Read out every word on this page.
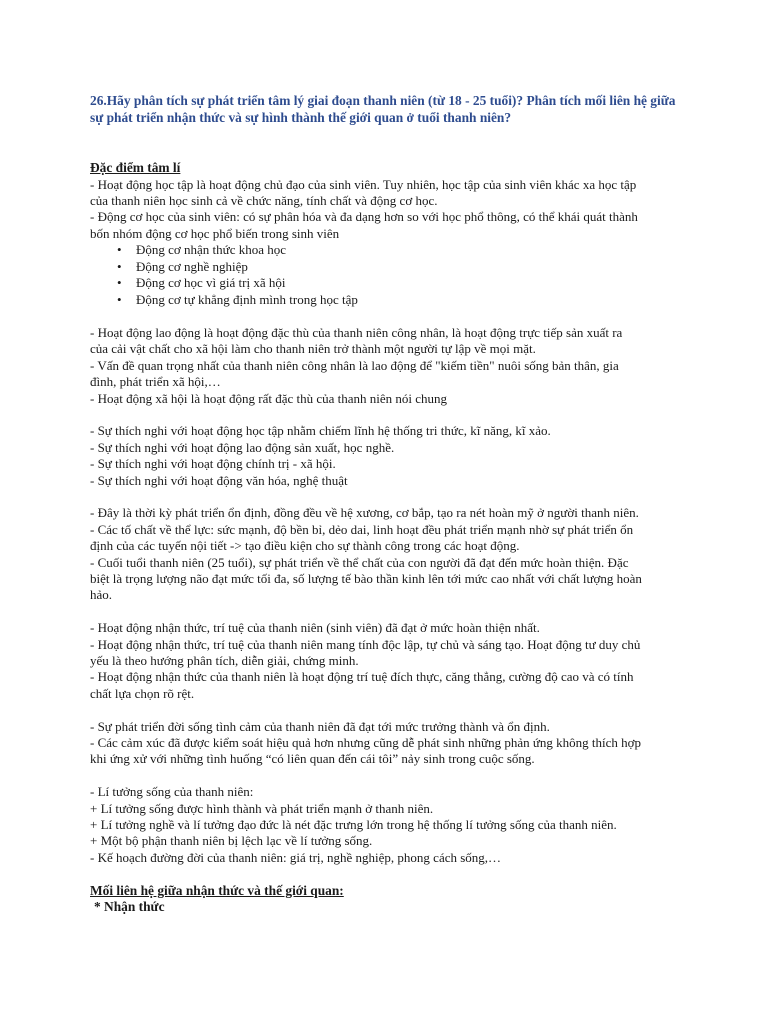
26.Hãy phân tích sự phát triển tâm lý giai đoạn thanh niên (từ 18 - 25 tuổi)? Phân tích mối liên hệ giữa sự phát triển nhận thức và sự hình thành thế giới quan ở tuổi thanh niên?

Đặc điểm tâm lí

- Hoạt động học tập là hoạt động chủ đạo của sinh viên. Tuy nhiên, học tập của sinh viên khác xa học tập

của thanh niên học sinh cả về chức năng, tính chất và động cơ học.

- Động cơ học của sinh viên: có sự phân hóa và đa dạng hơn so với học phổ thông, có thể khái quát thành

bốn nhóm động cơ học phổ biến trong sinh viên

• Động cơ nhận thức khoa học
• Động cơ nghề nghiệp
• Động cơ học vì giá trị xã hội
• Động cơ tự khẳng định mình trong học tập

- Hoạt động lao động là hoạt động đặc thù của thanh niên công nhân, là hoạt động trực tiếp sản xuất ra

của cải vật chất cho xã hội làm cho thanh niên trở thành một người tự lập về mọi mặt.

- Vấn đề quan trọng nhất của thanh niên công nhân là lao động để "kiếm tiền" nuôi sống bản thân, gia

đình, phát triển xã hội,…

- Hoạt động xã hội là hoạt động rất đặc thù của thanh niên nói chung

- Sự thích nghi với hoạt động học tập nhằm chiếm lĩnh hệ thống tri thức, kĩ năng, kĩ xảo.

- Sự thích nghi với hoạt động lao động sản xuất, học nghề.

- Sự thích nghi với hoạt động chính trị - xã hội.

- Sự thích nghi với hoạt động văn hóa, nghệ thuật

- Đây là thời kỳ phát triển ổn định, đồng đều về hệ xương, cơ bắp, tạo ra nét hoàn mỹ ở người thanh niên.

- Các tố chất về thể lực: sức mạnh, độ bền bỉ, dẻo dai, linh hoạt đều phát triển mạnh nhờ sự phát triển ổn

định của các tuyến nội tiết -> tạo điều kiện cho sự thành công trong các hoạt động.

- Cuối tuổi thanh niên (25 tuổi), sự phát triển về thể chất của con người đã đạt đến mức hoàn thiện. Đặc

biệt là trọng lượng não đạt mức tối đa, số lượng tế bào thần kinh lên tới mức cao nhất với chất lượng hoàn

hảo.

- Hoạt động nhận thức, trí tuệ của thanh niên (sinh viên) đã đạt ở mức hoàn thiện nhất.

- Hoạt động nhận thức, trí tuệ của thanh niên mang tính độc lập, tự chủ và sáng tạo. Hoạt động tư duy chủ

yếu là theo hướng phân tích, diễn giải, chứng minh.

- Hoạt động nhận thức của thanh niên là hoạt động trí tuệ đích thực, căng thẳng, cường độ cao và có tính

chất lựa chọn rõ rệt.

- Sự phát triển đời sống tình cảm của thanh niên đã đạt tới mức trưởng thành và ổn định.

- Các cảm xúc đã được kiểm soát hiệu quả hơn nhưng cũng dễ phát sinh những phản ứng không thích hợp

khi ứng xử với những tình huống “có liên quan đến cái tôi” nảy sinh trong cuộc sống.

- Lí tưởng sống của thanh niên:

+ Lí tưởng sống được hình thành và phát triển mạnh ở thanh niên.

+ Lí tưởng nghề và lí tưởng đạo đức là nét đặc trưng lớn trong hệ thống lí tưởng sống của thanh niên.

+ Một bộ phận thanh niên bị lệch lạc về lí tưởng sống.

- Kế hoạch đường đời của thanh niên: giá trị, nghề nghiệp, phong cách sống,…

Mối liên hệ giữa nhận thức và thế giới quan:

* Nhận thức
